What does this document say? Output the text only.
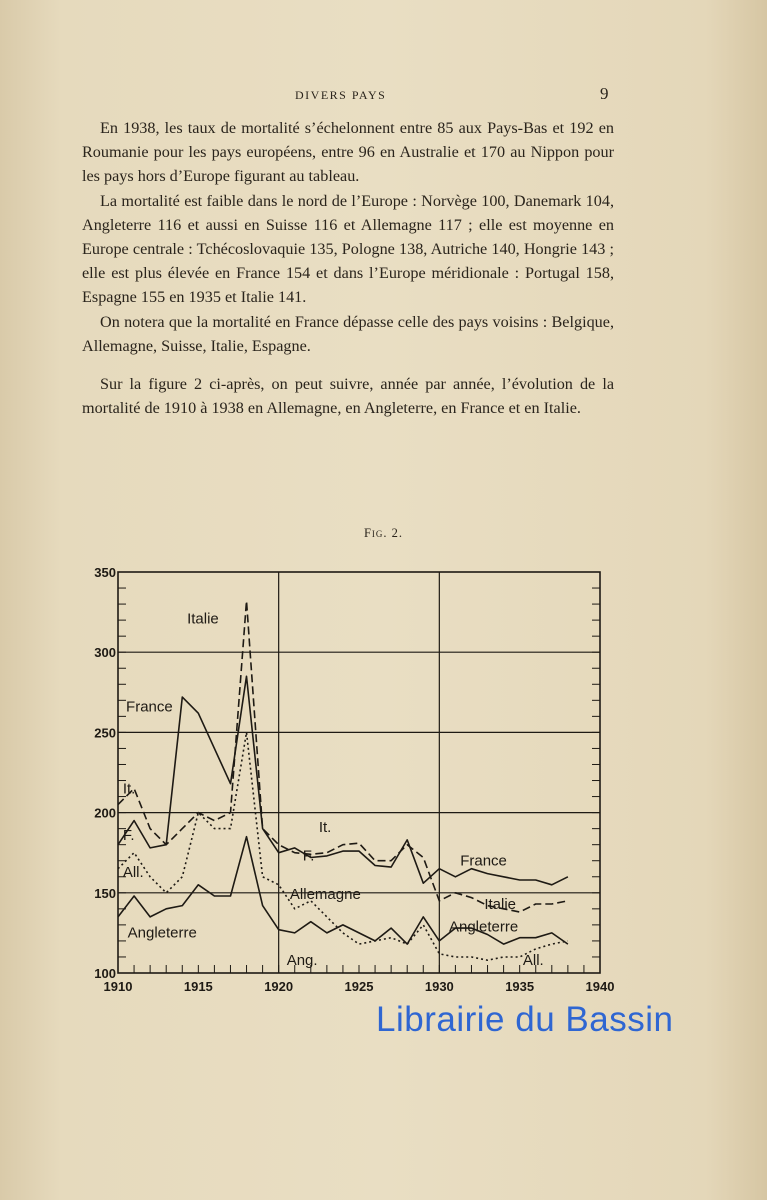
DIVERS PAYS	9

En 1938, les taux de mortalité s’échelonnent entre 85 aux Pays-Bas et 192 en Roumanie pour les pays européens, entre 96 en Australie et 170 au Nippon pour les pays hors d’Europe figurant au tableau.

La mortalité est faible dans le nord de l’Europe : Norvège 100, Danemark 104, Angleterre 116 et aussi en Suisse 116 et Allemagne 117 ; elle est moyenne en Europe centrale : Tchécoslovaquie 135, Pologne 138, Autriche 140, Hongrie 143 ; elle est plus élevée en France 154 et dans l’Europe méridionale : Portugal 158, Espagne 155 en 1935 et Italie 141.

On notera que la mortalité en France dépasse celle des pays voisins : Belgique, Allemagne, Suisse, Italie, Espagne.

Sur la figure 2 ci-après, on peut suivre, année par année, l’évolution de la mortalité de 1910 à 1938 en Allemagne, en Angleterre, en France et en Italie.

Fig. 2.
1910	1915	1920	1925	1930	1935	1940
100
150
200
250
300
350
Italie
France
It.
F.
All.
Angleterre
It.
F.
Allemagne
Ang.
France
Italie
Angleterre
All.
Librairie du Bassin
